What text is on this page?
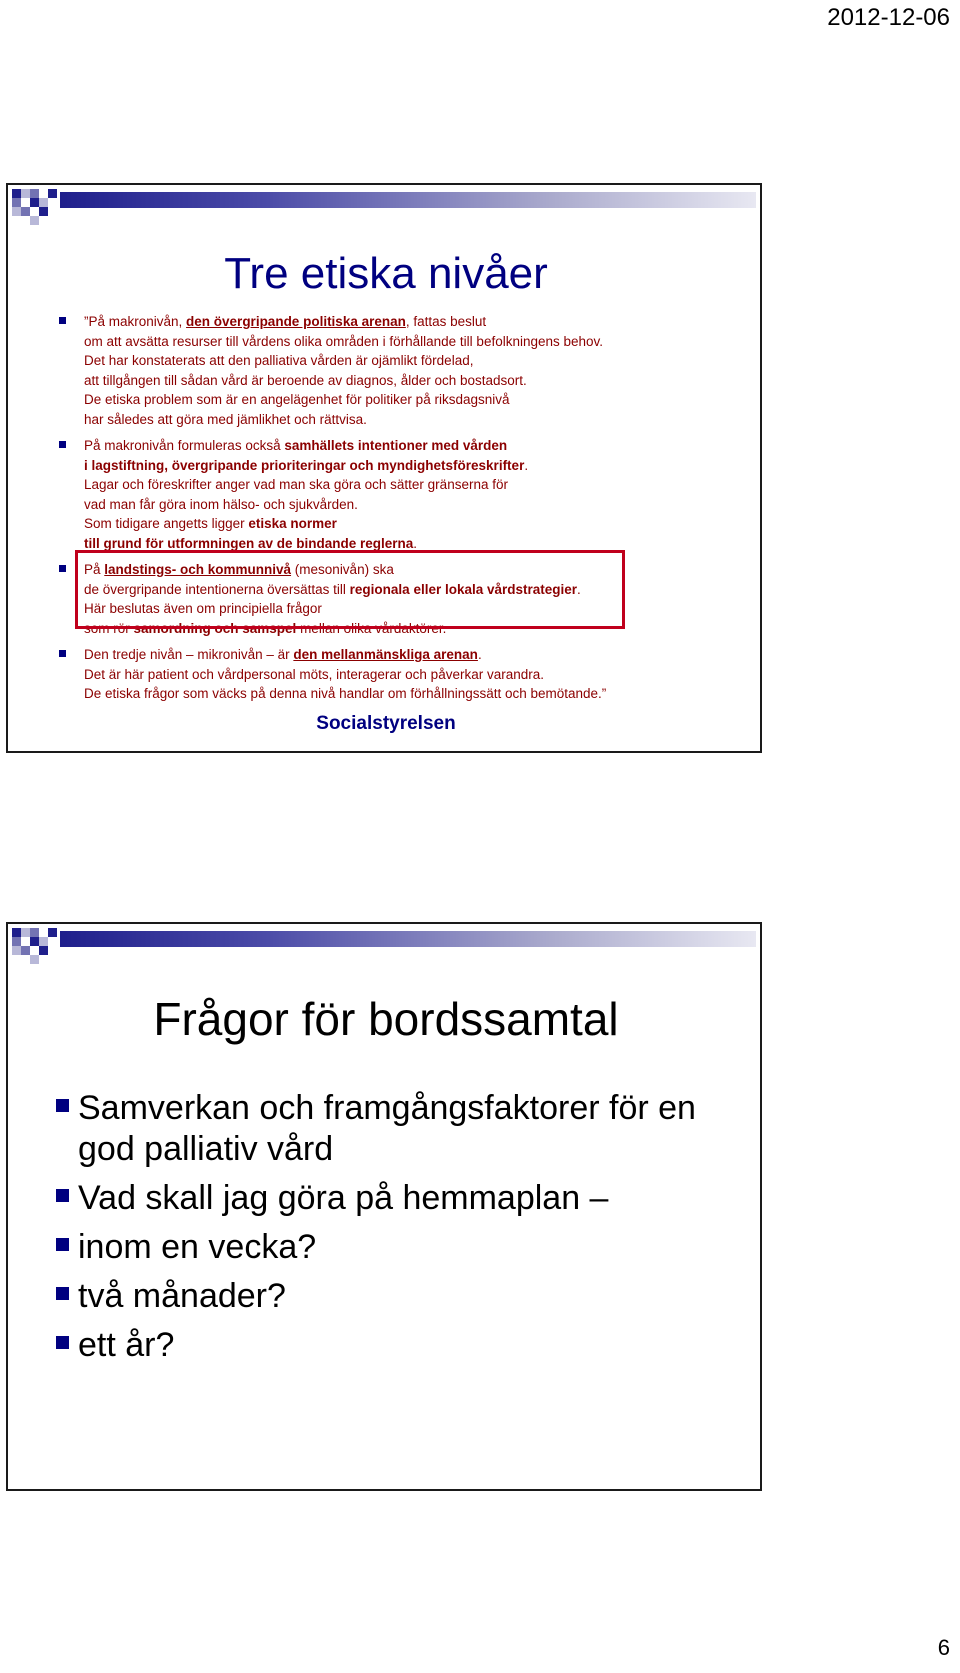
2012-12-06
Tre etiska nivåer
”På makronivån, den övergripande politiska arenan, fattas beslut
om att avsätta resurser till vårdens olika områden i förhållande till befolkningens behov.
Det har konstaterats att den palliativa vården är ojämlikt fördelad,
att tillgången till sådan vård är beroende av diagnos, ålder och bostadsort.
De etiska problem som är en angelägenhet för politiker på riksdagsnivå
har således att göra med jämlikhet och rättvisa.
På makronivån formuleras också samhällets intentioner med vården
i lagstiftning, övergripande prioriteringar och myndighetsföreskrifter.
Lagar och föreskrifter anger vad man ska göra och sätter gränserna för
vad man får göra inom hälso- och sjukvården.
Som tidigare angetts ligger etiska normer
till grund för utformningen av de bindande reglerna.
På landstings- och kommunnivå (mesonivån) ska
de övergripande intentionerna översättas till regionala eller lokala vårdstrategier.
Här beslutas även om principiella frågor
som rör samordning och samspel mellan olika vårdaktörer.
Den tredje nivån – mikronivån – är den mellanmänskliga arenan.
Det är här patient och vårdpersonal möts, interagerar och påverkar varandra.
De etiska frågor som väcks på denna nivå handlar om förhållningssätt och bemötande.”
Socialstyrelsen
Frågor för bordssamtal
Samverkan och framgångsfaktorer för en
god palliativ vård
Vad skall jag göra på hemmaplan –
inom en vecka?
två månader?
ett år?
6
